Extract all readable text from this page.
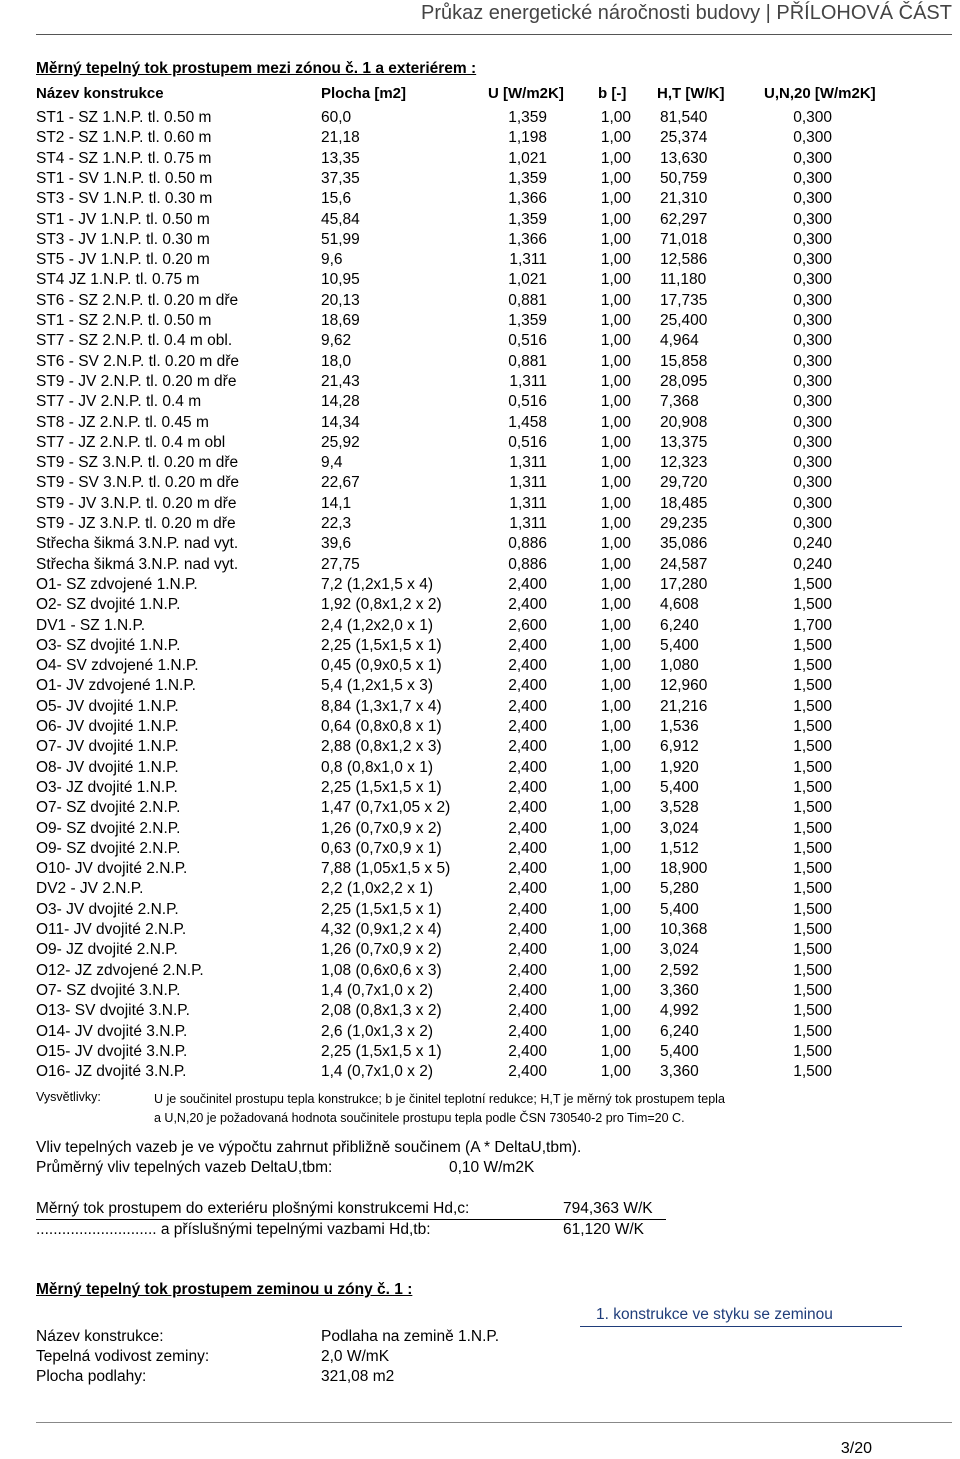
Průkaz energetické náročnosti budovy | PŘÍLOHOVÁ ČÁST
Měrný tepelný tok prostupem mezi zónou č. 1 a exteriérem :
Název konstrukce	Plocha [m2]	U [W/m2K] b [-] H,T [W/K]	U,N,20 [W/m2K]
ST1 - SZ 1.N.P. tl. 0.50 m	60,0	1,359	1,00 81,540	0,300
ST2 - SZ 1.N.P. tl. 0.60 m	21,18	1,198	1,00 25,374	0,300
ST4 - SZ 1.N.P. tl. 0.75 m	13,35	1,021	1,00 13,630	0,300
ST1 - SV 1.N.P. tl. 0.50 m	37,35	1,359	1,00 50,759	0,300
ST3 - SV 1.N.P. tl. 0.30 m	15,6	1,366	1,00 21,310	0,300
ST1 - JV 1.N.P. tl. 0.50 m	45,84	1,359	1,00 62,297	0,300
ST3 - JV 1.N.P. tl. 0.30 m	51,99	1,366	1,00 71,018	0,300
ST5 - JV 1.N.P. tl. 0.20 m	9,6	1,311	1,00 12,586	0,300
ST4 JZ 1.N.P. tl. 0.75 m	10,95	1,021	1,00 11,180	0,300
ST6 - SZ 2.N.P. tl. 0.20 m dře	20,13	0,881	1,00 17,735	0,300
ST1 - SZ 2.N.P. tl. 0.50 m	18,69	1,359	1,00 25,400	0,300
ST7 - SZ 2.N.P. tl. 0.4 m obl.	9,62	0,516	1,00 4,964	0,300
ST6 - SV 2.N.P. tl. 0.20 m dře	18,0	0,881	1,00 15,858	0,300
ST9 - JV 2.N.P. tl. 0.20 m dře	21,43	1,311	1,00 28,095	0,300
ST7 - JV 2.N.P. tl. 0.4 m	14,28	0,516	1,00 7,368	0,300
ST8 - JZ 2.N.P. tl. 0.45 m	14,34	1,458	1,00 20,908	0,300
ST7 - JZ 2.N.P. tl. 0.4 m obl	25,92	0,516	1,00 13,375	0,300
ST9 - SZ 3.N.P. tl. 0.20 m dře	9,4	1,311	1,00 12,323	0,300
ST9 - SV 3.N.P. tl. 0.20 m dře	22,67	1,311	1,00 29,720	0,300
ST9 - JV 3.N.P. tl. 0.20 m dře	14,1	1,311	1,00 18,485	0,300
ST9 - JZ 3.N.P. tl. 0.20 m dře	22,3	1,311	1,00 29,235	0,300
Střecha šikmá 3.N.P. nad vyt.	39,6	0,886	1,00 35,086	0,240
Střecha šikmá 3.N.P. nad vyt.	27,75	0,886	1,00 24,587	0,240
O1- SZ zdvojené 1.N.P.	7,2 (1,2x1,5 x 4)	2,400	1,00 17,280	1,500
O2- SZ dvojité 1.N.P.	1,92 (0,8x1,2 x 2)	2,400	1,00 4,608	1,500
DV1 - SZ 1.N.P.	2,4 (1,2x2,0 x 1)	2,600	1,00 6,240	1,700
O3- SZ dvojité 1.N.P.	2,25 (1,5x1,5 x 1)	2,400	1,00 5,400	1,500
O4- SV zdvojené 1.N.P.	0,45 (0,9x0,5 x 1)	2,400	1,00 1,080	1,500
O1- JV zdvojené 1.N.P.	5,4 (1,2x1,5 x 3)	2,400	1,00 12,960	1,500
O5- JV dvojité 1.N.P.	8,84 (1,3x1,7 x 4)	2,400	1,00 21,216	1,500
O6- JV dvojité 1.N.P.	0,64 (0,8x0,8 x 1)	2,400	1,00 1,536	1,500
O7- JV dvojité 1.N.P.	2,88 (0,8x1,2 x 3)	2,400	1,00 6,912	1,500
O8- JV dvojité 1.N.P.	0,8 (0,8x1,0 x 1)	2,400	1,00 1,920	1,500
O3- JZ dvojité 1.N.P.	2,25 (1,5x1,5 x 1)	2,400	1,00 5,400	1,500
O7- SZ dvojité 2.N.P.	1,47 (0,7x1,05 x 2)	2,400	1,00 3,528	1,500
O9- SZ dvojité 2.N.P.	1,26 (0,7x0,9 x 2)	2,400	1,00 3,024	1,500
O9- SZ dvojité 2.N.P.	0,63 (0,7x0,9 x 1)	2,400	1,00 1,512	1,500
O10- JV dvojité 2.N.P.	7,88 (1,05x1,5 x 5)	2,400	1,00 18,900	1,500
DV2 - JV 2.N.P.	2,2 (1,0x2,2 x 1)	2,400	1,00 5,280	1,500
O3- JV dvojité 2.N.P.	2,25 (1,5x1,5 x 1)	2,400	1,00 5,400	1,500
O11- JV dvojité 2.N.P.	4,32 (0,9x1,2 x 4)	2,400	1,00 10,368	1,500
O9- JZ dvojité 2.N.P.	1,26 (0,7x0,9 x 2)	2,400	1,00 3,024	1,500
O12- JZ zdvojené 2.N.P.	1,08 (0,6x0,6 x 3)	2,400	1,00 2,592	1,500
O7- SZ dvojité 3.N.P.	1,4 (0,7x1,0 x 2)	2,400	1,00 3,360	1,500
O13- SV dvojité 3.N.P.	2,08 (0,8x1,3 x 2)	2,400	1,00 4,992	1,500
O14- JV dvojité 3.N.P.	2,6 (1,0x1,3 x 2)	2,400	1,00 6,240	1,500
O15- JV dvojité 3.N.P.	2,25 (1,5x1,5 x 1)	2,400	1,00 5,400	1,500
O16- JZ dvojité 3.N.P.	1,4 (0,7x1,0 x 2)	2,400	1,00 3,360	1,500
Vysvětlivky:	U je součinitel prostupu tepla konstrukce; b je činitel teplotní redukce; H,T je měrný tok prostupem tepla
a U,N,20 je požadovaná hodnota součinitele prostupu tepla podle ČSN 730540-2 pro Tim=20 C.
Vliv tepelných vazeb je ve výpočtu zahrnut přibližně součinem (A * DeltaU,tbm).
Průměrný vliv tepelných vazeb DeltaU,tbm:	0,10 W/m2K
Měrný tok prostupem do exteriéru plošnými konstrukcemi Hd,c:	794,363 W/K
............................ a příslušnými tepelnými vazbami Hd,tb:	61,120 W/K
Měrný tepelný tok prostupem zeminou u zóny č. 1 :
1. konstrukce ve styku se zeminou
Název konstrukce:	Podlaha na zemině 1.N.P.
Tepelná vodivost zeminy:	2,0 W/mK
Plocha podlahy:	321,08 m2
3/20
